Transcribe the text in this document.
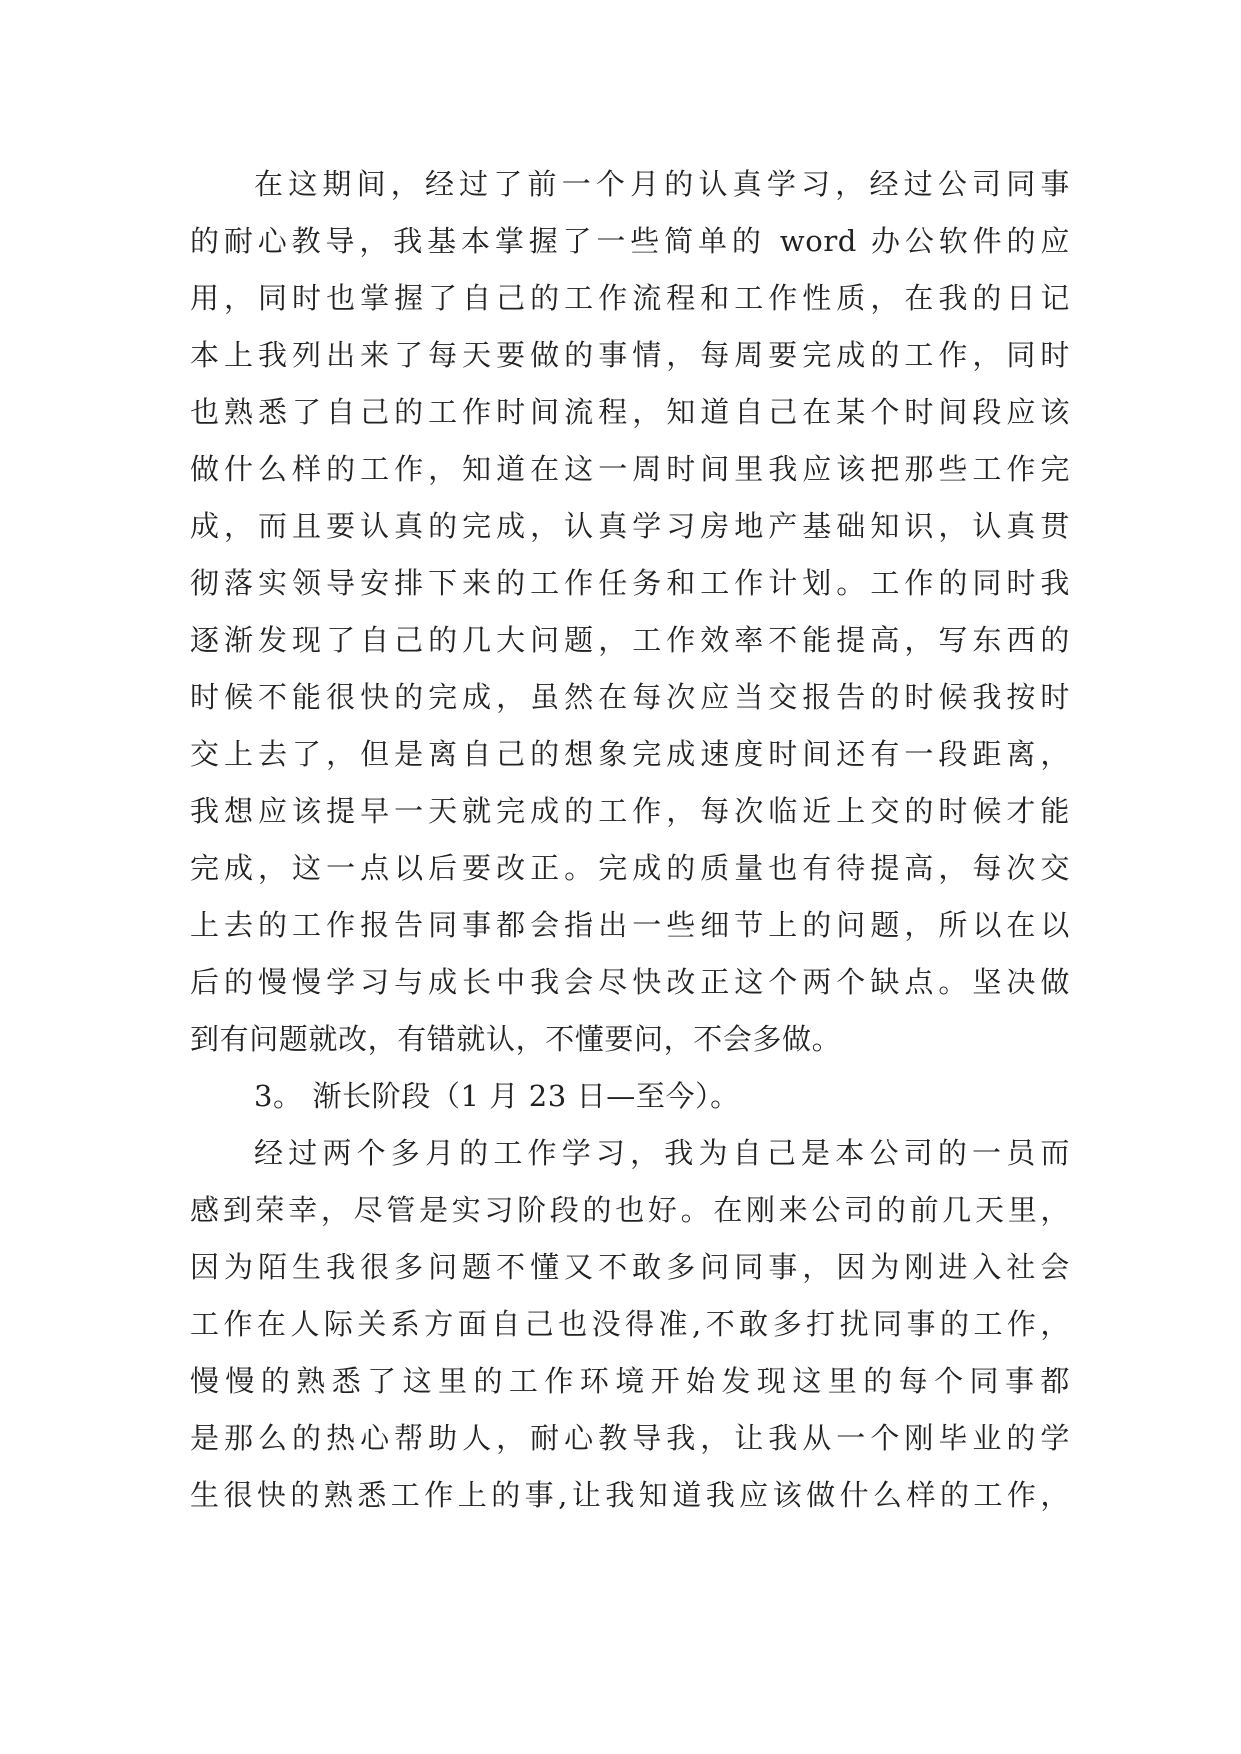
在这期间，经过了前一个月的认真学习，经过公司同事
的耐心教导，我基本掌握了一些简单的 word 办公软件的应
用，同时也掌握了自己的工作流程和工作性质，在我的日记
本上我列出来了每天要做的事情，每周要完成的工作，同时
也熟悉了自己的工作时间流程，知道自己在某个时间段应该
做什么样的工作，知道在这一周时间里我应该把那些工作完
成，而且要认真的完成，认真学习房地产基础知识，认真贯
彻落实领导安排下来的工作任务和工作计划。工作的同时我
逐渐发现了自己的几大问题，工作效率不能提高，写东西的
时候不能很快的完成，虽然在每次应当交报告的时候我按时
交上去了，但是离自己的想象完成速度时间还有一段距离，
我想应该提早一天就完成的工作，每次临近上交的时候才能
完成，这一点以后要改正。完成的质量也有待提高，每次交
上去的工作报告同事都会指出一些细节上的问题，所以在以
后的慢慢学习与成长中我会尽快改正这个两个缺点。坚决做
到有问题就改，有错就认，不懂要问，不会多做。
3。 渐长阶段（1 月 23 日—至今）。
经过两个多月的工作学习，我为自己是本公司的一员而
感到荣幸，尽管是实习阶段的也好。在刚来公司的前几天里，
因为陌生我很多问题不懂又不敢多问同事，因为刚进入社会
工作在人际关系方面自己也没得准,不敢多打扰同事的工作，
慢慢的熟悉了这里的工作环境开始发现这里的每个同事都
是那么的热心帮助人，耐心教导我，让我从一个刚毕业的学
生很快的熟悉工作上的事,让我知道我应该做什么样的工作，
